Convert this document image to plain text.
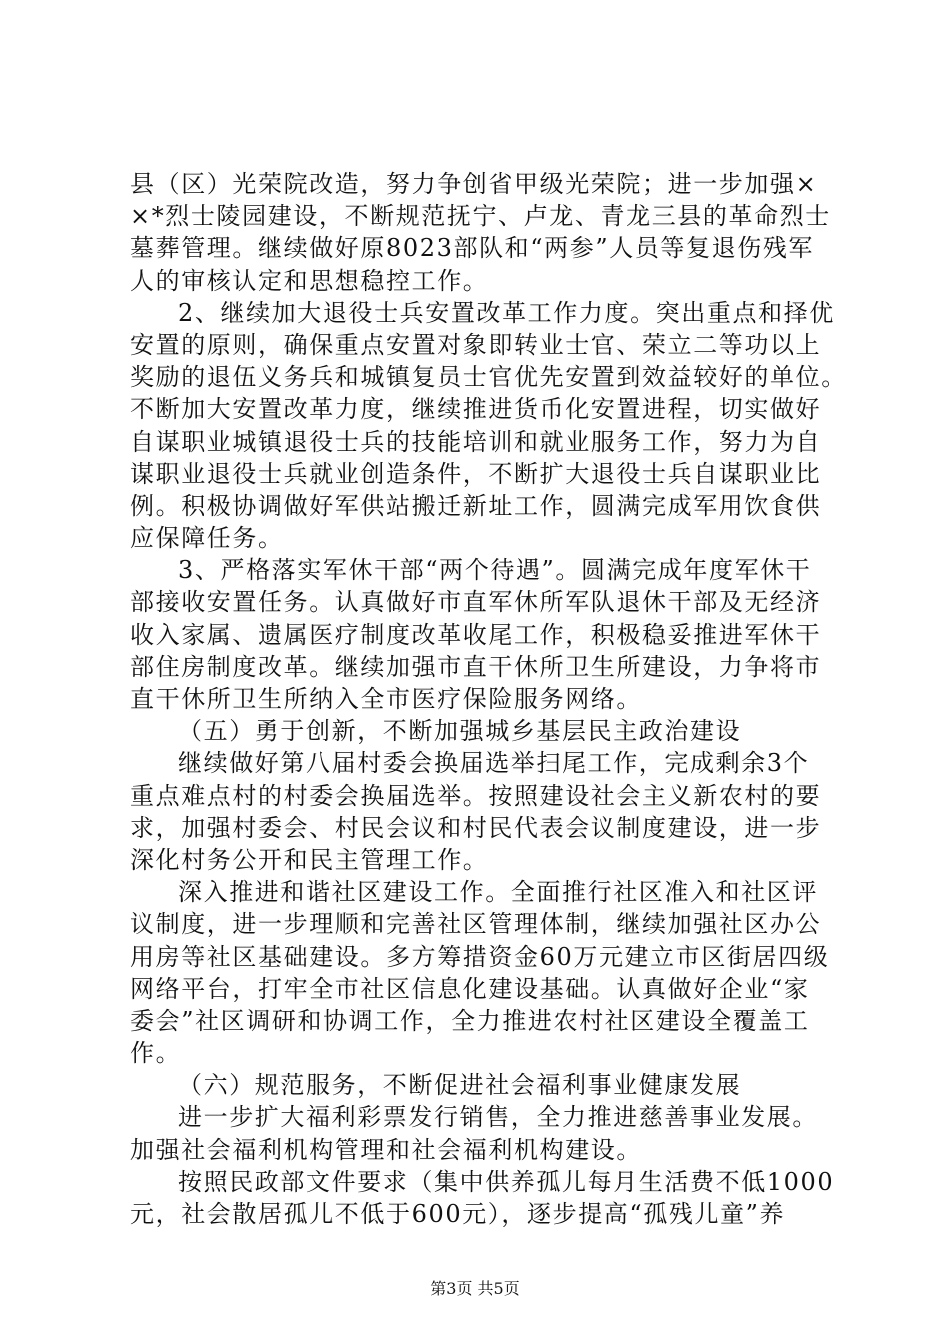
县（区）光荣院改造，努力争创省甲级光荣院；进一步加强×
×*烈士陵园建设，不断规范抚宁、卢龙、青龙三县的革命烈士
墓葬管理。继续做好原8023部队和“两参”人员等复退伤残军
人的审核认定和思想稳控工作。
2、继续加大退役士兵安置改革工作力度。突出重点和择优
安置的原则，确保重点安置对象即转业士官、荣立二等功以上
奖励的退伍义务兵和城镇复员士官优先安置到效益较好的单位。
不断加大安置改革力度，继续推进货币化安置进程，切实做好
自谋职业城镇退役士兵的技能培训和就业服务工作，努力为自
谋职业退役士兵就业创造条件，不断扩大退役士兵自谋职业比
例。积极协调做好军供站搬迁新址工作，圆满完成军用饮食供
应保障任务。
3、严格落实军休干部“两个待遇”。圆满完成年度军休干
部接收安置任务。认真做好市直军休所军队退休干部及无经济
收入家属、遗属医疗制度改革收尾工作，积极稳妥推进军休干
部住房制度改革。继续加强市直干休所卫生所建设，力争将市
直干休所卫生所纳入全市医疗保险服务网络。
（五）勇于创新，不断加强城乡基层民主政治建设
继续做好第八届村委会换届选举扫尾工作，完成剩余3个
重点难点村的村委会换届选举。按照建设社会主义新农村的要
求，加强村委会、村民会议和村民代表会议制度建设，进一步
深化村务公开和民主管理工作。
深入推进和谐社区建设工作。全面推行社区准入和社区评
议制度，进一步理顺和完善社区管理体制，继续加强社区办公
用房等社区基础建设。多方筹措资金60万元建立市区街居四级
网络平台，打牢全市社区信息化建设基础。认真做好企业“家
委会”社区调研和协调工作，全力推进农村社区建设全覆盖工
作。
（六）规范服务，不断促进社会福利事业健康发展
进一步扩大福利彩票发行销售，全力推进慈善事业发展。
加强社会福利机构管理和社会福利机构建设。
按照民政部文件要求（集中供养孤儿每月生活费不低1000
元，社会散居孤儿不低于600元），逐步提高“孤残儿童”养
第3页 共5页
